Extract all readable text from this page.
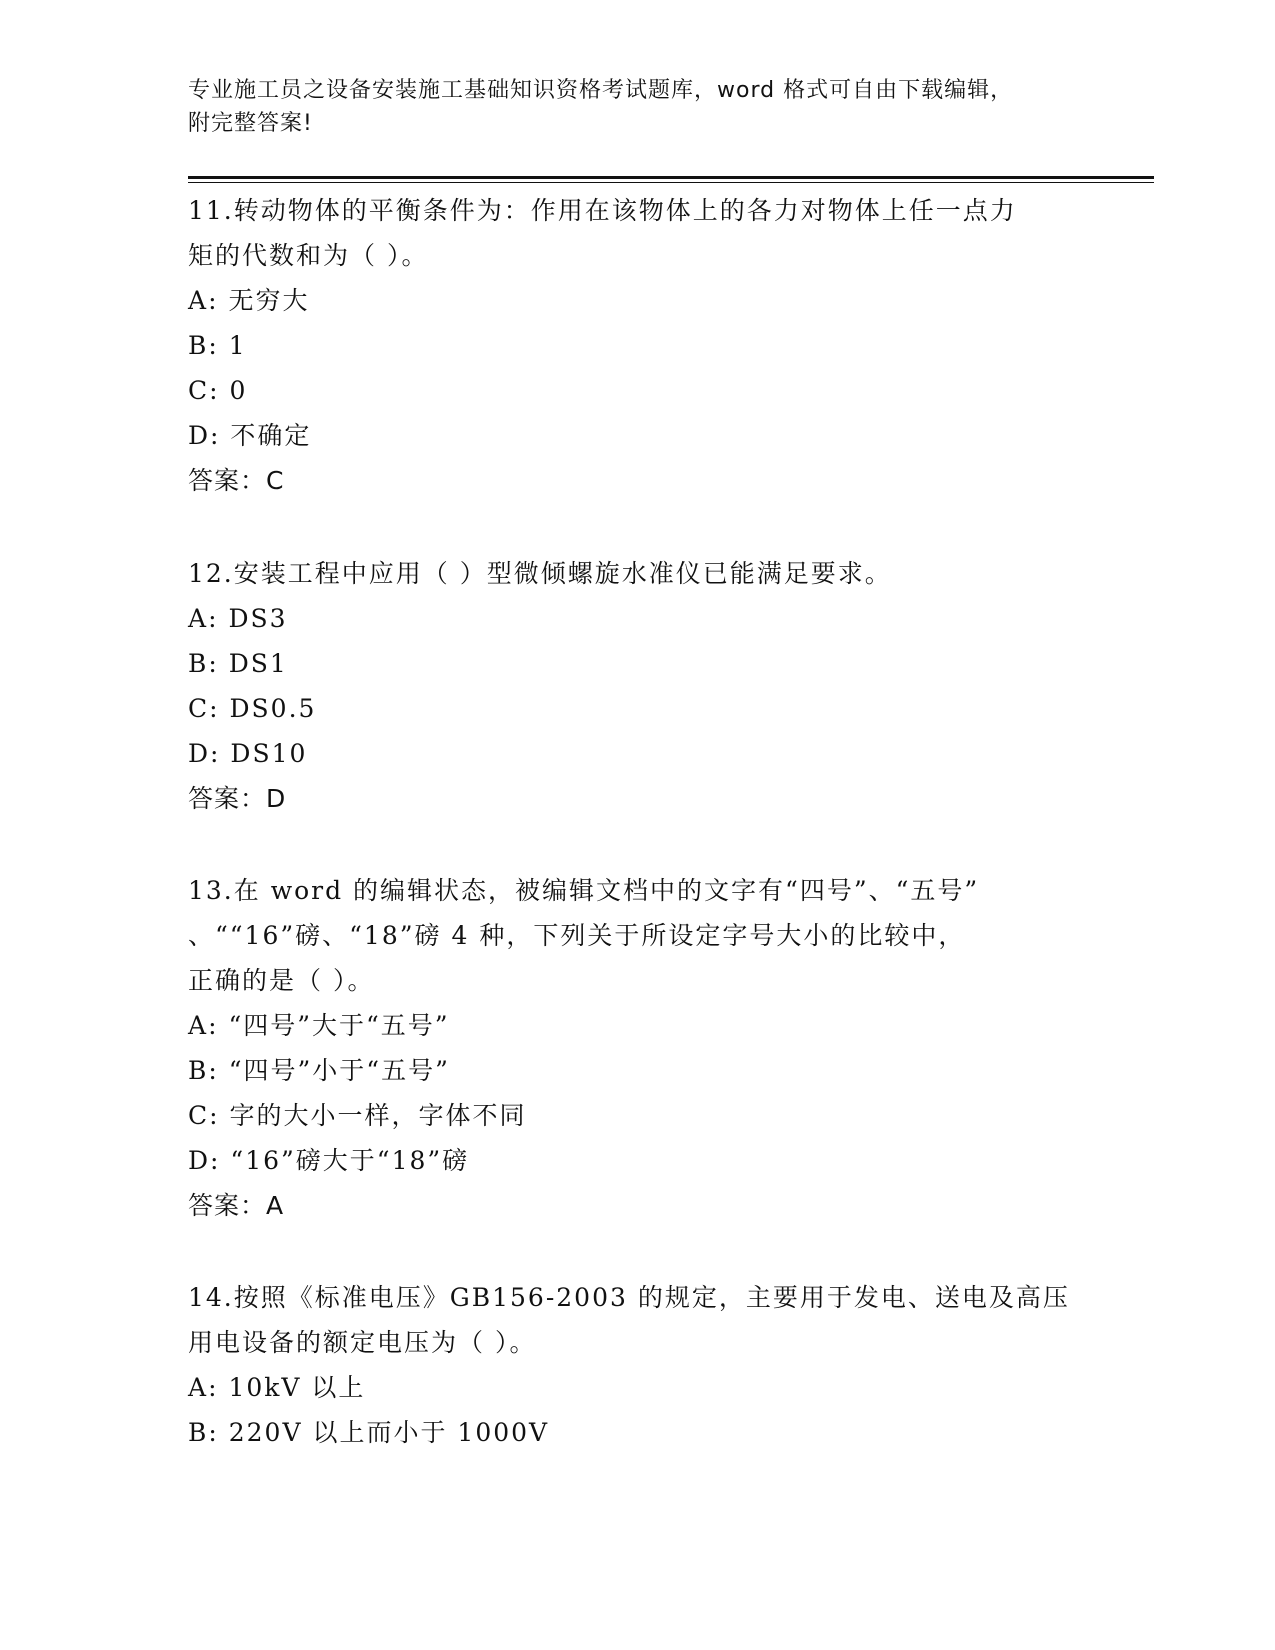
专业施工员之设备安装施工基础知识资格考试题库，word 格式可自由下载编辑，
附完整答案!

11.转动物体的平衡条件为：作用在该物体上的各力对物体上任一点力

矩的代数和为（ ）。

A: 无穷大

B: 1

C: 0

D: 不确定

答案：C

12.安装工程中应用（ ）型微倾螺旋水准仪已能满足要求。

A: DS3

B: DS1

C: DS0.5

D: DS10

答案：D

13.在 word 的编辑状态，被编辑文档中的文字有“四号”、“五号”

、““16”磅、“18”磅 4 种，下列关于所设定字号大小的比较中，

正确的是（ ）。

A: “四号”大于“五号”

B: “四号”小于“五号”

C: 字的大小一样，字体不同

D: “16”磅大于“18”磅

答案：A

14.按照《标准电压》GB156-2003 的规定，主要用于发电、送电及高压

用电设备的额定电压为（ ）。

A: 10kV 以上

B: 220V 以上而小于 1000V
